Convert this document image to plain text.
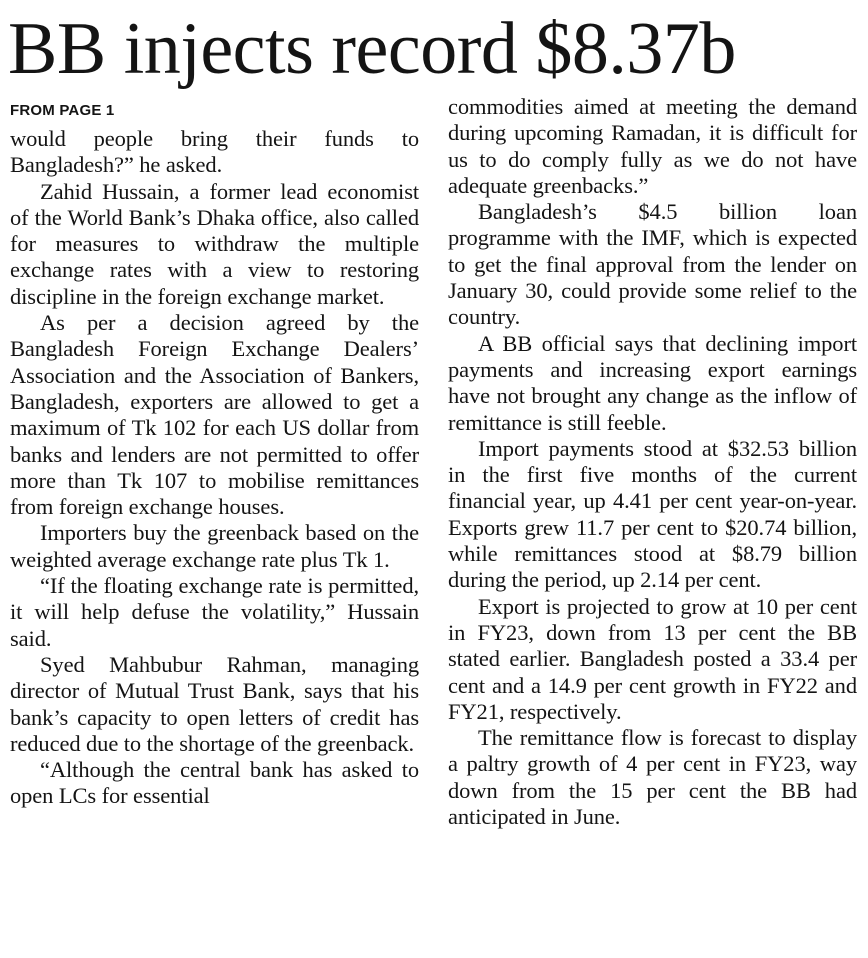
BB injects record $8.37b
FROM PAGE 1

would people bring their funds to Bangladesh?” he asked.

Zahid Hussain, a former lead economist of the World Bank’s Dhaka office, also called for measures to withdraw the multiple exchange rates with a view to restoring discipline in the foreign exchange market.

As per a decision agreed by the Bangladesh Foreign Exchange Dealers’ Association and the Association of Bankers, Bangladesh, exporters are allowed to get a maximum of Tk 102 for each US dollar from banks and lenders are not permitted to offer more than Tk 107 to mobilise remittances from foreign exchange houses.

Importers buy the greenback based on the weighted average exchange rate plus Tk 1.

“If the floating exchange rate is permitted, it will help defuse the volatility,” Hussain said.

Syed Mahbubur Rahman, managing director of Mutual Trust Bank, says that his bank’s capacity to open letters of credit has reduced due to the shortage of the greenback.

“Although the central bank has asked to open LCs for essential

commodities aimed at meeting the demand during upcoming Ramadan, it is difficult for us to do comply fully as we do not have adequate greenbacks.”

Bangladesh’s $4.5 billion loan programme with the IMF, which is expected to get the final approval from the lender on January 30, could provide some relief to the country.

A BB official says that declining import payments and increasing export earnings have not brought any change as the inflow of remittance is still feeble.

Import payments stood at $32.53 billion in the first five months of the current financial year, up 4.41 per cent year-on-year. Exports grew 11.7 per cent to $20.74 billion, while remittances stood at $8.79 billion during the period, up 2.14 per cent.

Export is projected to grow at 10 per cent in FY23, down from 13 per cent the BB stated earlier. Bangladesh posted a 33.4 per cent and a 14.9 per cent growth in FY22 and FY21, respectively.

The remittance flow is forecast to display a paltry growth of 4 per cent in FY23, way down from the 15 per cent the BB had anticipated in June.
